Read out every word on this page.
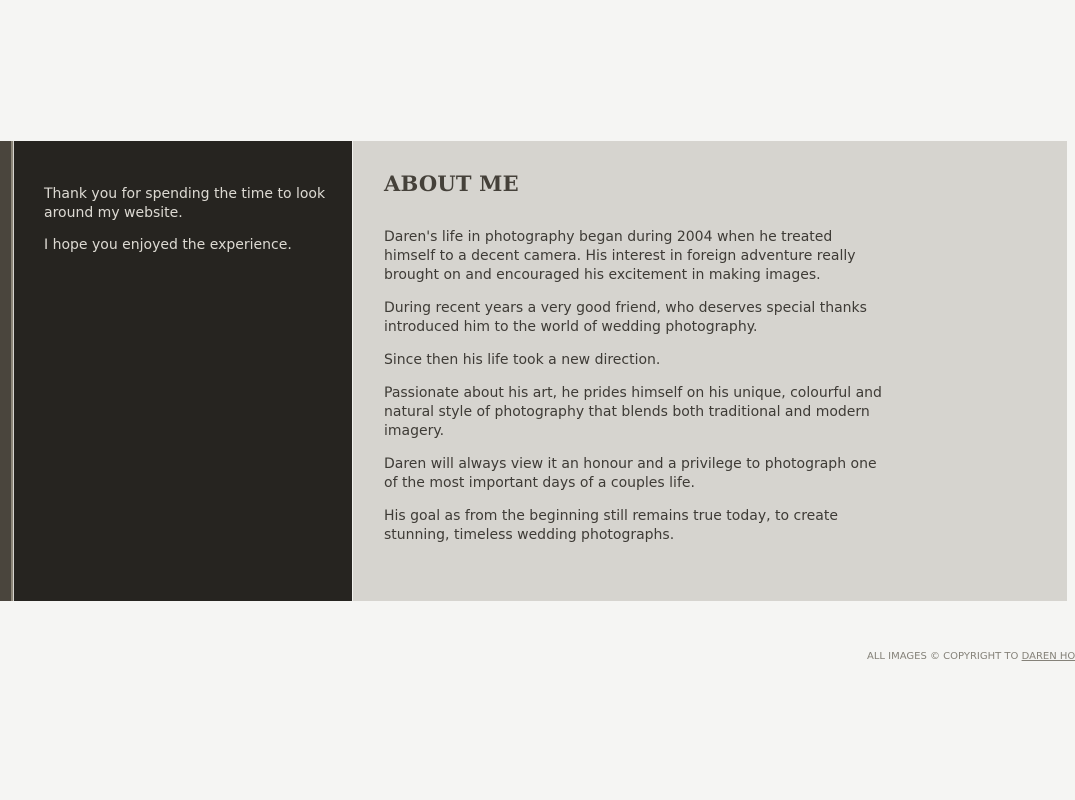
Thank you for spending the time to look around my website.

I hope you enjoyed the experience.

ABOUT ME

Daren's life in photography began during 2004 when he treated himself to a decent camera. His interest in foreign adventure really brought on and encouraged his excitement in making images.

During recent years a very good friend, who deserves special thanks introduced him to the world of wedding photography.

Since then his life took a new direction.

Passionate about his art, he prides himself on his unique, colourful and natural style of photography that blends both traditional and modern imagery.

Daren will always view it an honour and a privilege to photograph one of the most important days of a couples life.

His goal as from the beginning still remains true today, to create stunning, timeless wedding photographs.

ALL IMAGES © COPYRIGHT TO DAREN HO
